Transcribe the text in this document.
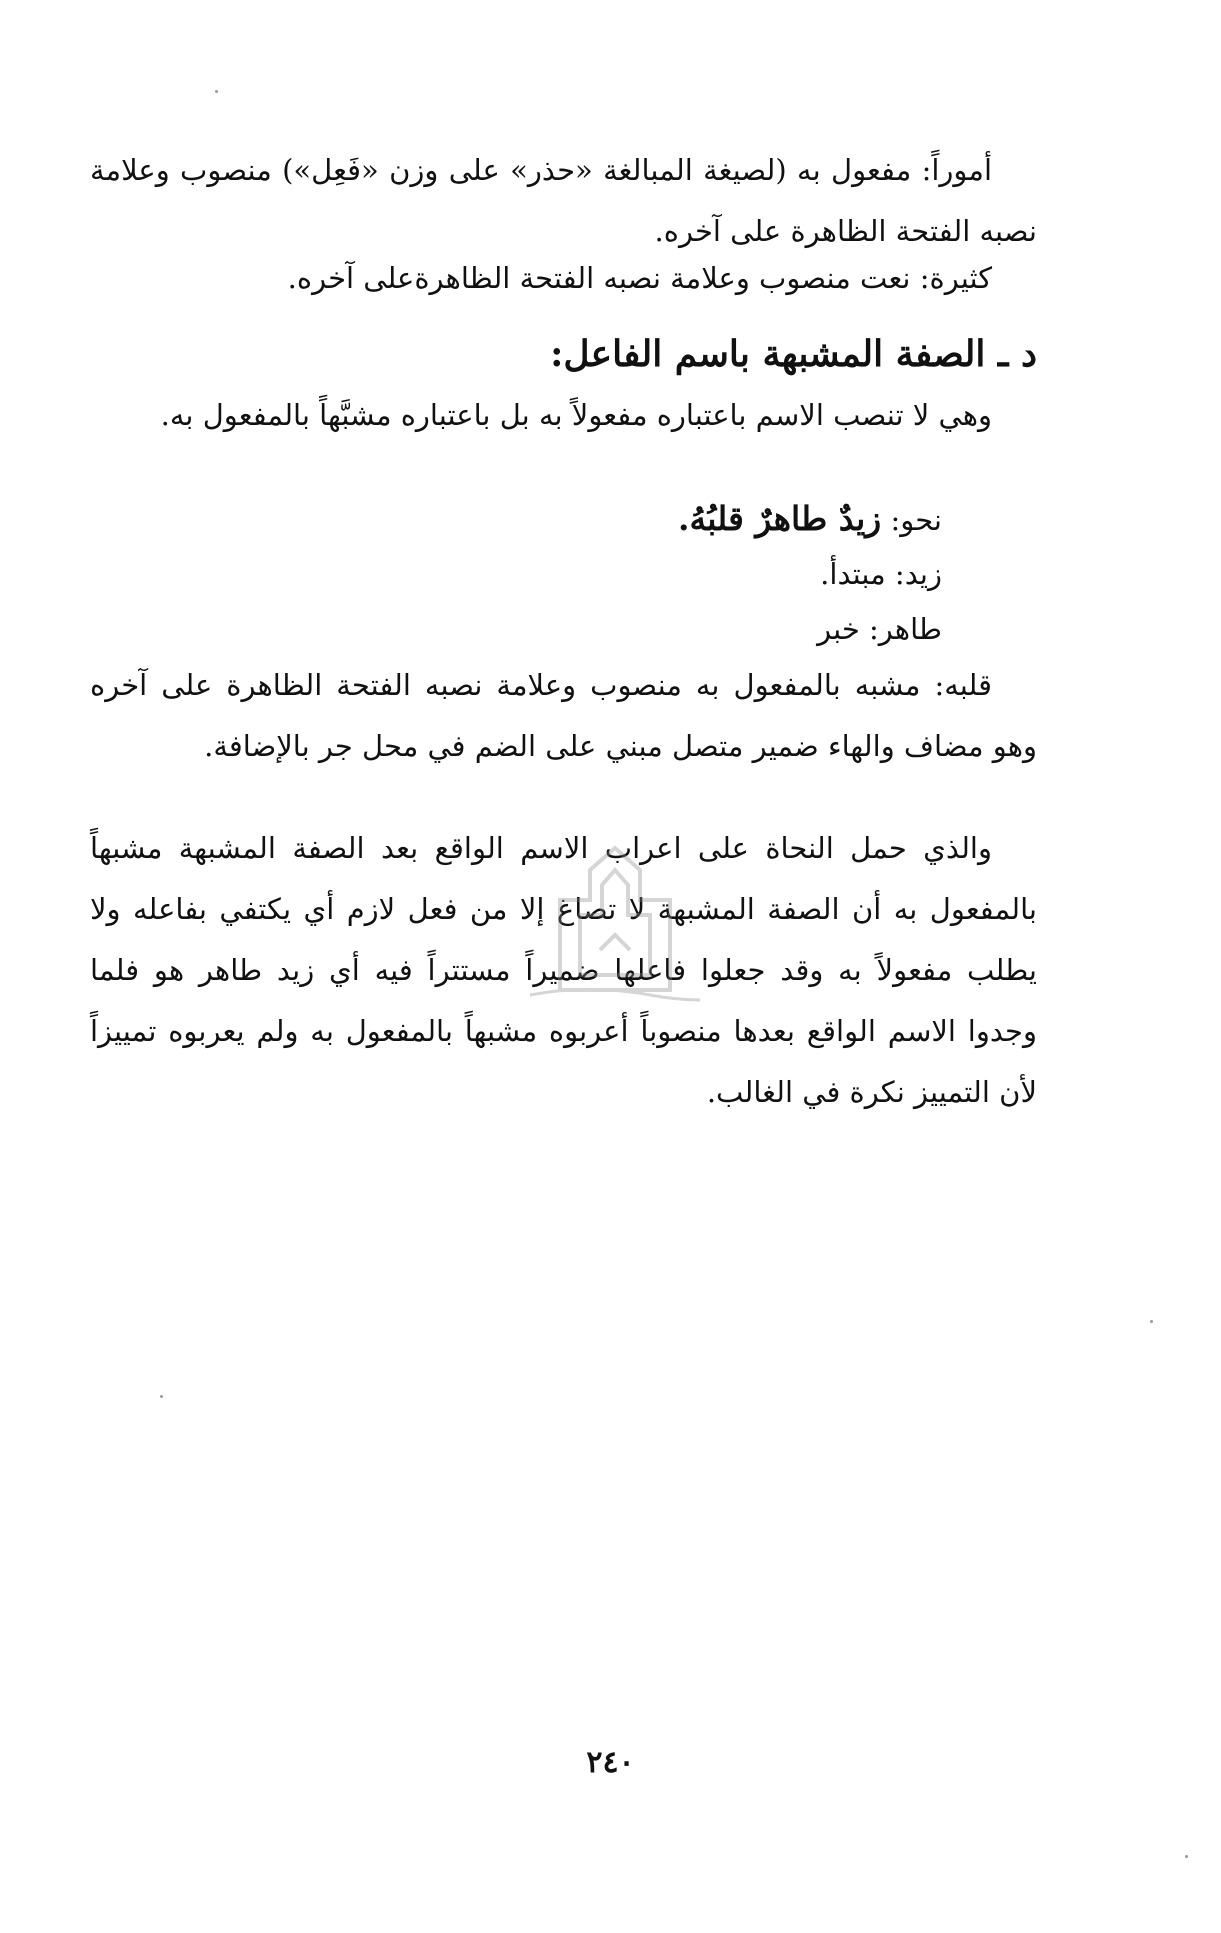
أموراً: مفعول به (لصيغة المبالغة «حذر» على وزن «فَعِل») منصوب وعلامة نصبه الفتحة الظاهرة على آخره.

كثيرة: نعت منصوب وعلامة نصبه الفتحة الظاهرةعلى آخره.

د ـ الصفة المشبهة باسم الفاعل:

وهي لا تنصب الاسم باعتباره مفعولاً به بل باعتباره مشبَّهاً بالمفعول به.

نحو: زيدٌ طاهرٌ قلبُهُ.

زيد: مبتدأ.

طاهر: خبر

قلبه: مشبه بالمفعول به منصوب وعلامة نصبه الفتحة الظاهرة على آخره وهو مضاف والهاء ضمير متصل مبني على الضم في محل جر بالإضافة.

والذي حمل النحاة على اعراب الاسم الواقع بعد الصفة المشبهة مشبهاً بالمفعول به أن الصفة المشبهة لا تصاغ إلا من فعل لازم أي يكتفي بفاعله ولا يطلب مفعولاً به وقد جعلوا فاعلها ضميراً مستتراً فيه أي زيد طاهر هو فلما وجدوا الاسم الواقع بعدها منصوباً أعربوه مشبهاً بالمفعول به ولم يعربوه تمييزاً لأن التمييز نكرة في الغالب.

٢٤٠
